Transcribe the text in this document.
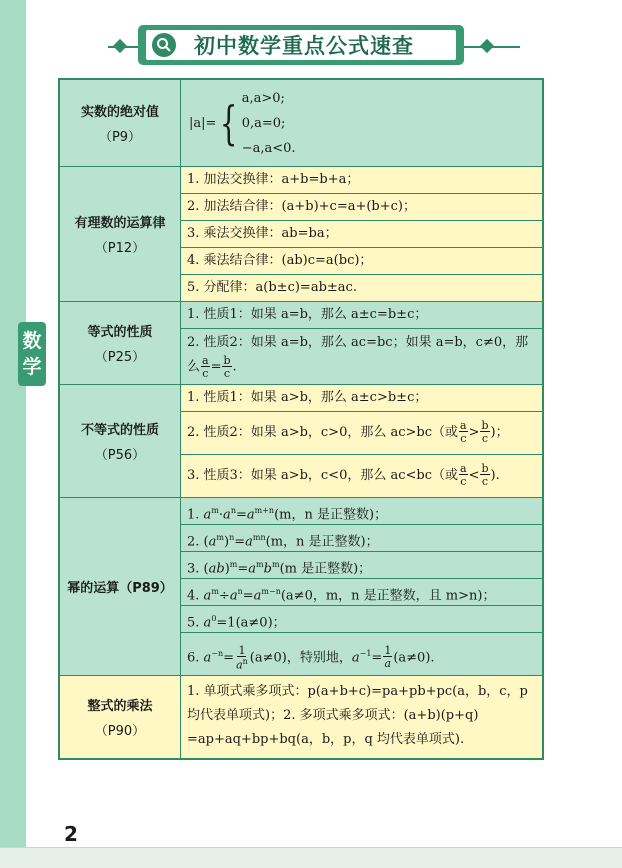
初中数学重点公式速查
数
学
实数的绝对值
（P9）
|a|= { a,a>0;
0,a=0;
−a,a<0.
有理数的运算律
（P12）
1. 加法交换律：a+b=b+a；
2. 加法结合律：(a+b)+c=a+(b+c)；
3. 乘法交换律：ab=ba；
4. 乘法结合律：(ab)c=a(bc)；
5. 分配律：a(b±c)=ab±ac.
等式的性质
（P25）
1. 性质1：如果 a=b，那么 a±c=b±c；
2. 性质2：如果 a=b，那么 ac=bc；如果 a=b，c≠0，那
么 $\frac{a}{c} = \frac{b}{c}$ .
不等式的性质
（P56）
1. 性质1：如果 a>b，那么 a±c>b±c；
2. 性质2：如果 a>b，c>0，那么 ac>bc（或 $\frac{a}{c} > \frac{b}{c}$ )；
3. 性质3：如果 a>b，c<0，那么 ac<bc（或 $\frac{a}{c} < \frac{b}{c}$ ).
幂的运算（P89）
1. $a^m\cdot a^n=a^{m+n}(m$，n 是正整数)；
2. $(a^m)^n=a^{mn}(m$，n 是正整数)；
3. $(ab)^m=a^mb^m(m$ 是正整数)；
4. $a^m\div a^n=a^{m-n}(a\ne 0$，m，n 是正整数，且 m>n)；
5. $a^0=1(a\ne 0)$；
6. $a^{-n}= \frac{1}{a^n} (a\ne 0)$，特别地，$a^{-1}= \frac{1}{a} (a\ne 0)$.
整式的乘法
（P90）
1. 单项式乘多项式：p(a+b+c)=pa+pb+pc(a，b，c，p
均代表单项式)；2. 多项式乘多项式：(a+b)(p+q)
=ap+aq+bp+bq(a，b，p，q 均代表单项式).
2
